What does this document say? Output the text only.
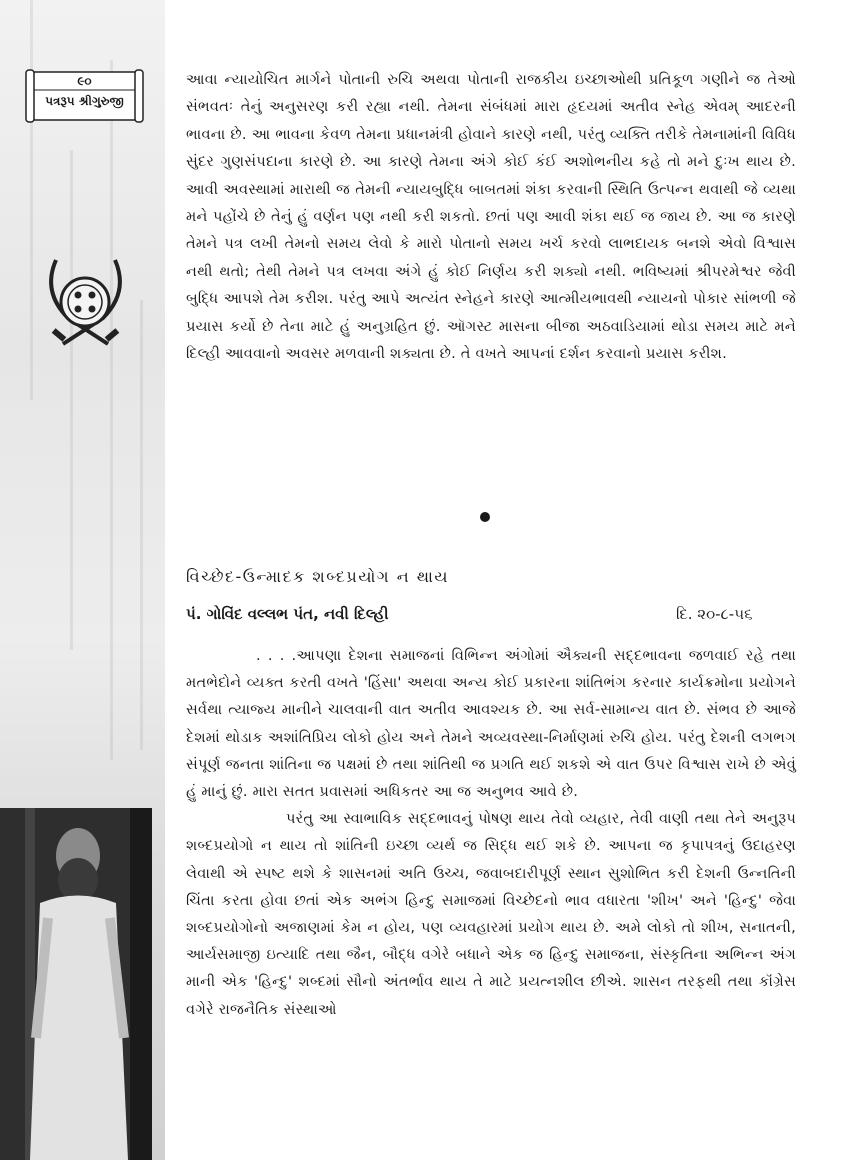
૯૦
પત્રરૂપ શ્રીગુરુજી

આવા ન્યાયોચિત માર્ગને પોતાની રુચિ અથવા પોતાની રાજકીય ઇચ્છાઓથી પ્રતિકૂળ ગણીને જ તેઓ સંભવતઃ તેનું અનુસરણ કરી રહ્યા નથી. તેમના સંબંધમાં મારા હૃદયમાં અતીવ સ્નેહ એવમ્ આદરની ભાવના છે. આ ભાવના કેવળ તેમના પ્રધાનમંત્રી હોવાને કારણે નથી, પરંતુ વ્યક્તિ તરીકે તેમનામાંની વિવિધ સુંદર ગુણસંપદાના કારણે છે. આ કારણે તેમના અંગે કોઈ કંઈ અશોભનીય કહે તો મને દુઃખ થાય છે. આવી અવસ્થામાં મારાથી જ તેમની ન્યાયબુદ્ધિ બાબતમાં શંકા કરવાની સ્થિતિ ઉત્પન્ન થવાથી જે વ્યથા મને પહોંચે છે તેનું હું વર્ણન પણ નથી કરી શકતો. છતાં પણ આવી શંકા થઈ જ જાય છે. આ જ કારણે તેમને પત્ર લખી તેમનો સમય લેવો કે મારો પોતાનો સમય ખર્ચ કરવો લાભદાયક બનશે એવો વિશ્વાસ નથી થતો; તેથી તેમને પત્ર લખવા અંગે હું કોઈ નિર્ણય કરી શક્યો નથી. ભવિષ્યમાં શ્રીપરમેશ્વર જેવી બુદ્ધિ આપશે તેમ કરીશ. પરંતુ આપે અત્યંત સ્નેહને કારણે આત્મીયભાવથી ન્યાયનો પોકાર સાંભળી જે પ્રયાસ કર્યો છે તેના માટે હું અનુગ્રહિત છું. ઑગસ્ટ માસના બીજા અઠવાડિયામાં થોડા સમય માટે મને દિલ્હી આવવાનો અવસર મળવાની શક્યતા છે. તે વખતે આપનાં દર્શન કરવાનો પ્રયાસ કરીશ.

વિચ્છેદ-ઉન્માદક શબ્દપ્રયોગ ન થાય
પં. ગોવિંદ વલ્લભ પંત, નવી દિલ્હી	દિ. ૨૦-૮-૫૬

. . . .આપણા દેશના સમાજનાં વિભિન્ન અંગોમાં ઐક્યની સદ્દભાવના જળવાઈ રહે તથા મતભેદોને વ્યક્ત કરતી વખતે 'હિંસા' અથવા અન્ય કોઈ પ્રકારના શાંતિભંગ કરનાર કાર્યક્રમોના પ્રયોગને સર્વથા ત્યાજ્ય માનીને ચાલવાની વાત અતીવ આવશ્યક છે. આ સર્વ-સામાન્ય વાત છે. સંભવ છે આજે દેશમાં થોડાક અશાંતિપ્રિય લોકો હોય અને તેમને અવ્યવસ્થા-નિર્માણમાં રુચિ હોય. પરંતુ દેશની લગભગ સંપૂર્ણ જનતા શાંતિના જ પક્ષમાં છે તથા શાંતિથી જ પ્રગતિ થઈ શકશે એ વાત ઉપર વિશ્વાસ રાખે છે એવું હું માનું છું. મારા સતત પ્રવાસમાં અધિકતર આ જ અનુભવ આવે છે.

પરંતુ આ સ્વાભાવિક સદ્દભાવનું પોષણ થાય તેવો વ્યહાર, તેવી વાણી તથા તેને અનુરૂપ શબ્દપ્રયોગો ન થાય તો શાંતિની ઇચ્છા વ્યર્થ જ સિદ્ધ થઈ શકે છે. આપના જ કૃપાપત્રનું ઉદાહરણ લેવાથી એ સ્પષ્ટ થશે કે શાસનમાં અતિ ઉચ્ચ, જવાબદારીપૂર્ણ સ્થાન સુશોભિત કરી દેશની ઉન્નતિની ચિંતા કરતા હોવા છતાં એક અભંગ હિન્દુ સમાજમાં વિચ્છેદનો ભાવ વધારતા 'શીખ' અને 'હિન્દુ' જેવા શબ્દપ્રયોગોનો અજાણમાં કેમ ન હોય, પણ વ્યવહારમાં પ્રયોગ થાય છે. અમે લોકો તો શીખ, સનાતની, આર્યસમાજી ઇત્યાદિ તથા જૈન, બૌદ્ધ વગેરે બધાને એક જ હિન્દુ સમાજના, સંસ્કૃતિના અભિન્ન અંગ માની એક 'હિન્દુ' શબ્દમાં સૌનો અંતર્ભાવ થાય તે માટે પ્રયત્નશીલ છીએ. શાસન તરફથી તથા કૉંગ્રેસ વગેરે રાજનૈતિક સંસ્થાઓ
